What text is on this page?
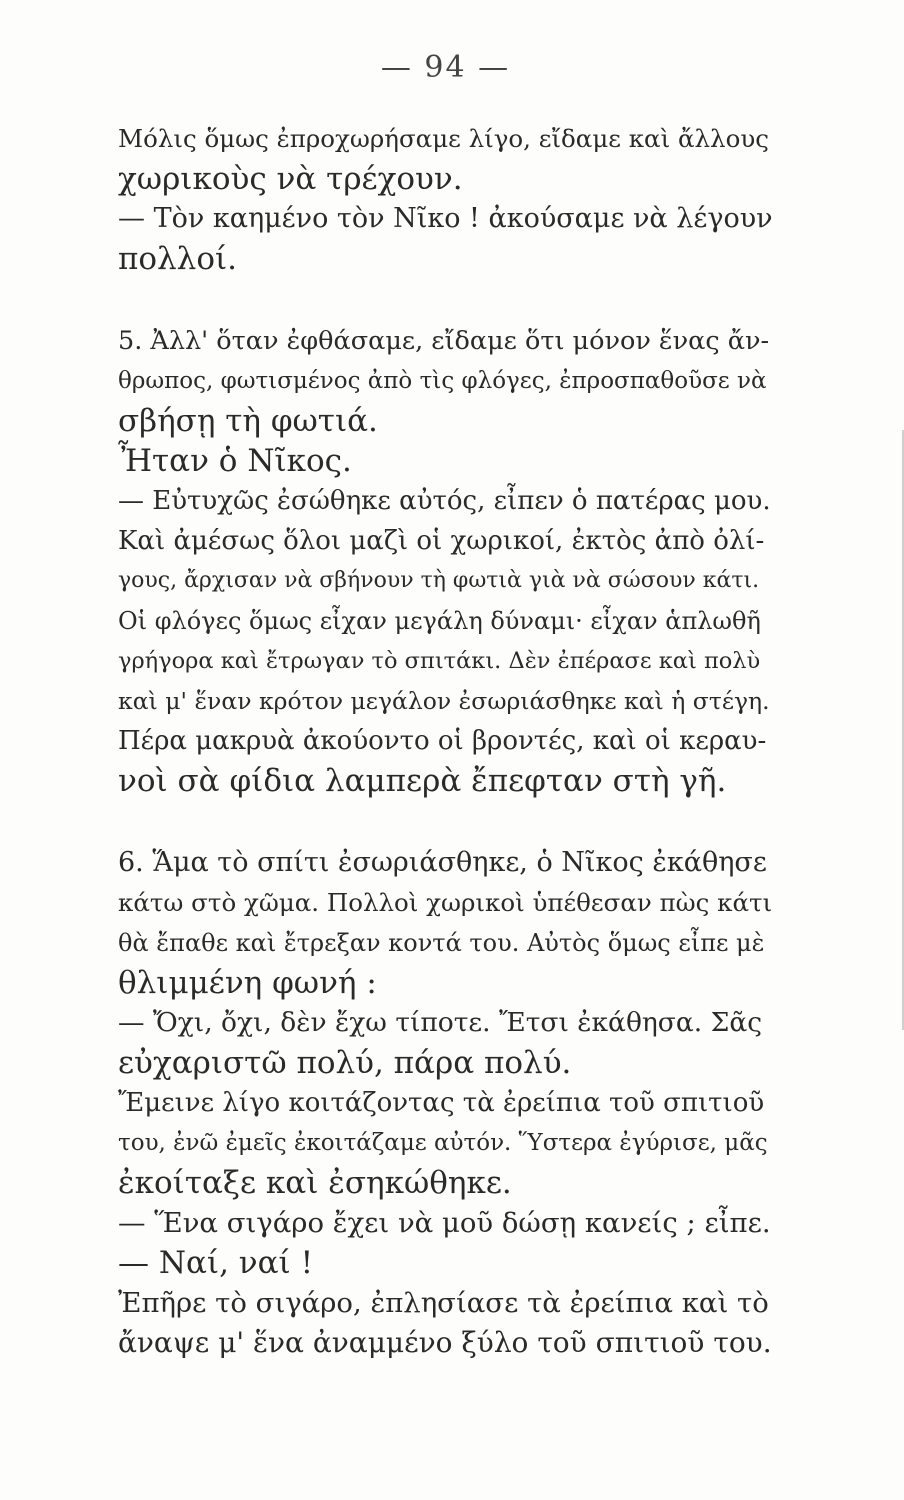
— 94 —
Μόλις ὅμως ἐπροχωρήσαμε λίγο, εἴδαμε καὶ ἄλλους
χωρικοὺς νὰ τρέχουν.
— Τὸν καημένο τὸν Νῖκο ! ἀκούσαμε νὰ λέγουν
πολλοί.
5. Ἀλλ' ὅταν ἐφθάσαμε, εἴδαμε ὅτι μόνον ἕνας ἄν-
θρωπος, φωτισμένος ἀπὸ τὶς φλόγες, ἐπροσπαθοῦσε νὰ
σβήσῃ τὴ φωτιά.
Ἦταν ὁ Νῖκος.
— Εὐτυχῶς ἐσώθηκε αὐτός, εἶπεν ὁ πατέρας μου.
Καὶ ἀμέσως ὅλοι μαζὶ οἱ χωρικοί, ἐκτὸς ἀπὸ ὀλί-
γους, ἄρχισαν νὰ σβήνουν τὴ φωτιὰ γιὰ νὰ σώσουν κάτι.
Οἱ φλόγες ὅμως εἶχαν μεγάλη δύναμι· εἶχαν ἁπλωθῆ
γρήγορα καὶ ἔτρωγαν τὸ σπιτάκι. Δὲν ἐπέρασε καὶ πολὺ
καὶ μ' ἕναν κρότον μεγάλον ἐσωριάσθηκε καὶ ἡ στέγη.
Πέρα μακρυὰ ἀκούοντο οἱ βροντές, καὶ οἱ κεραυ-
νοὶ σὰ φίδια λαμπερὰ ἔπεφταν στὴ γῆ.
6. Ἅμα τὸ σπίτι ἐσωριάσθηκε, ὁ Νῖκος ἐκάθησε
κάτω στὸ χῶμα. Πολλοὶ χωρικοὶ ὑπέθεσαν πὼς κάτι
θὰ ἔπαθε καὶ ἔτρεξαν κοντά του. Αὐτὸς ὅμως εἶπε μὲ
θλιμμένη φωνή :
— Ὄχι, ὄχι, δὲν ἔχω τίποτε. Ἔτσι ἐκάθησα. Σᾶς
εὐχαριστῶ πολύ, πάρα πολύ.
Ἔμεινε λίγο κοιτάζοντας τὰ ἐρείπια τοῦ σπιτιοῦ
του, ἐνῶ ἐμεῖς ἐκοιτάζαμε αὐτόν. Ὕστερα ἐγύρισε, μᾶς
ἐκοίταξε καὶ ἐσηκώθηκε.
— Ἕνα σιγάρο ἔχει νὰ μοῦ δώσῃ κανείς ; εἶπε.
— Ναί, ναί !
Ἐπῆρε τὸ σιγάρο, ἐπλησίασε τὰ ἐρείπια καὶ τὸ
ἄναψε μ' ἕνα ἀναμμένο ξύλο τοῦ σπιτιοῦ του.
